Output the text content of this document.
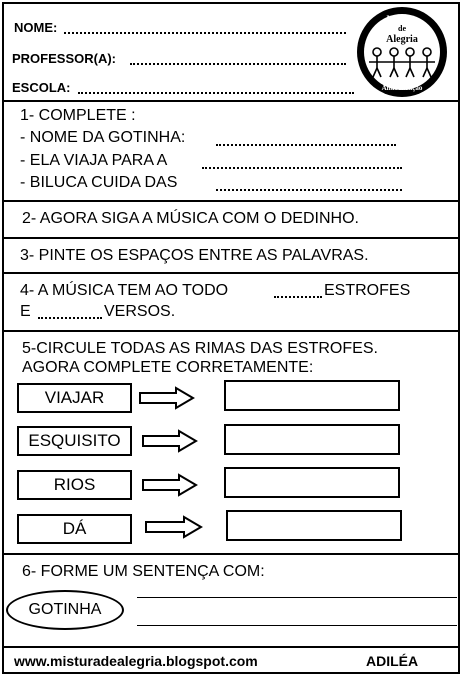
NOME:
PROFESSOR(A):
ESCOLA:
Mistura
de
Alegria
Alfabetização
1- COMPLETE :
- NOME DA GOTINHA:
- ELA VIAJA PARA A
- BILUCA CUIDA DAS
2- AGORA SIGA A MÚSICA COM O DEDINHO.
3- PINTE OS ESPAÇOS ENTRE AS PALAVRAS.
4- A MÚSICA TEM AO TODO	ESTROFES
E	VERSOS.
5-CIRCULE TODAS AS RIMAS DAS ESTROFES.
AGORA COMPLETE CORRETAMENTE:
VIAJAR
ESQUISITO
RIOS
DÁ
6- FORME UM SENTENÇA COM:
GOTINHA
www.misturadealegria.blogspot.com	ADILÉA
